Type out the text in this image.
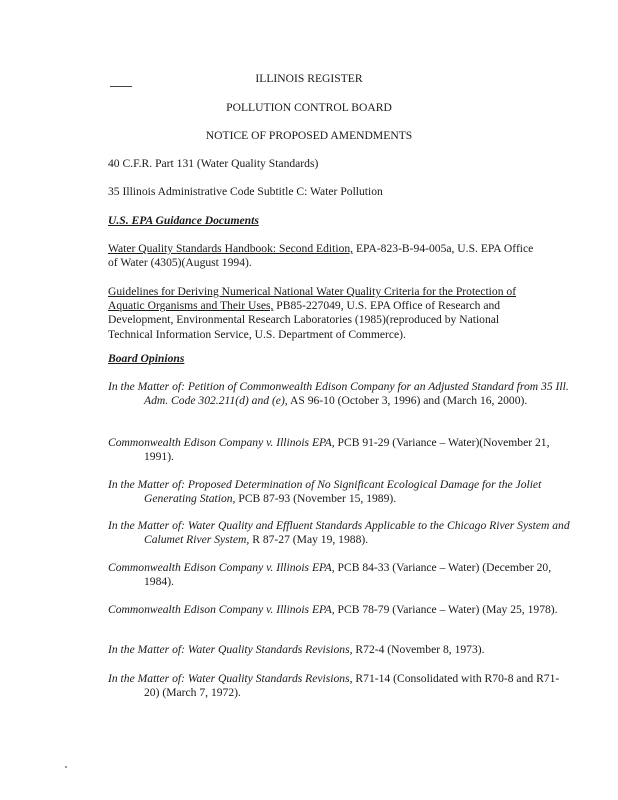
ILLINOIS REGISTER
POLLUTION CONTROL BOARD
NOTICE OF PROPOSED AMENDMENTS
40 C.F.R. Part 131 (Water Quality Standards)
35 Illinois Administrative Code Subtitle C: Water Pollution
U.S. EPA Guidance Documents
Water Quality Standards Handbook: Second Edition, EPA-823-B-94-005a, U.S. EPA Office of Water (4305)(August 1994).
Guidelines for Deriving Numerical National Water Quality Criteria for the Protection of Aquatic Organisms and Their Uses, PB85-227049, U.S. EPA Office of Research and Development, Environmental Research Laboratories (1985)(reproduced by National Technical Information Service, U.S. Department of Commerce).
Board Opinions
In the Matter of: Petition of Commonwealth Edison Company for an Adjusted Standard from 35 Ill. Adm. Code 302.211(d) and (e), AS 96-10 (October 3, 1996) and (March 16, 2000).
Commonwealth Edison Company v. Illinois EPA, PCB 91-29 (Variance – Water)(November 21, 1991).
In the Matter of: Proposed Determination of No Significant Ecological Damage for the Joliet Generating Station, PCB 87-93 (November 15, 1989).
In the Matter of: Water Quality and Effluent Standards Applicable to the Chicago River System and Calumet River System, R 87-27 (May 19, 1988).
Commonwealth Edison Company v. Illinois EPA, PCB 84-33 (Variance – Water) (December 20, 1984).
Commonwealth Edison Company v. Illinois EPA, PCB 78-79 (Variance – Water) (May 25, 1978).
In the Matter of: Water Quality Standards Revisions, R72-4 (November 8, 1973).
In the Matter of: Water Quality Standards Revisions, R71-14 (Consolidated with R70-8 and R71-20) (March 7, 1972).
